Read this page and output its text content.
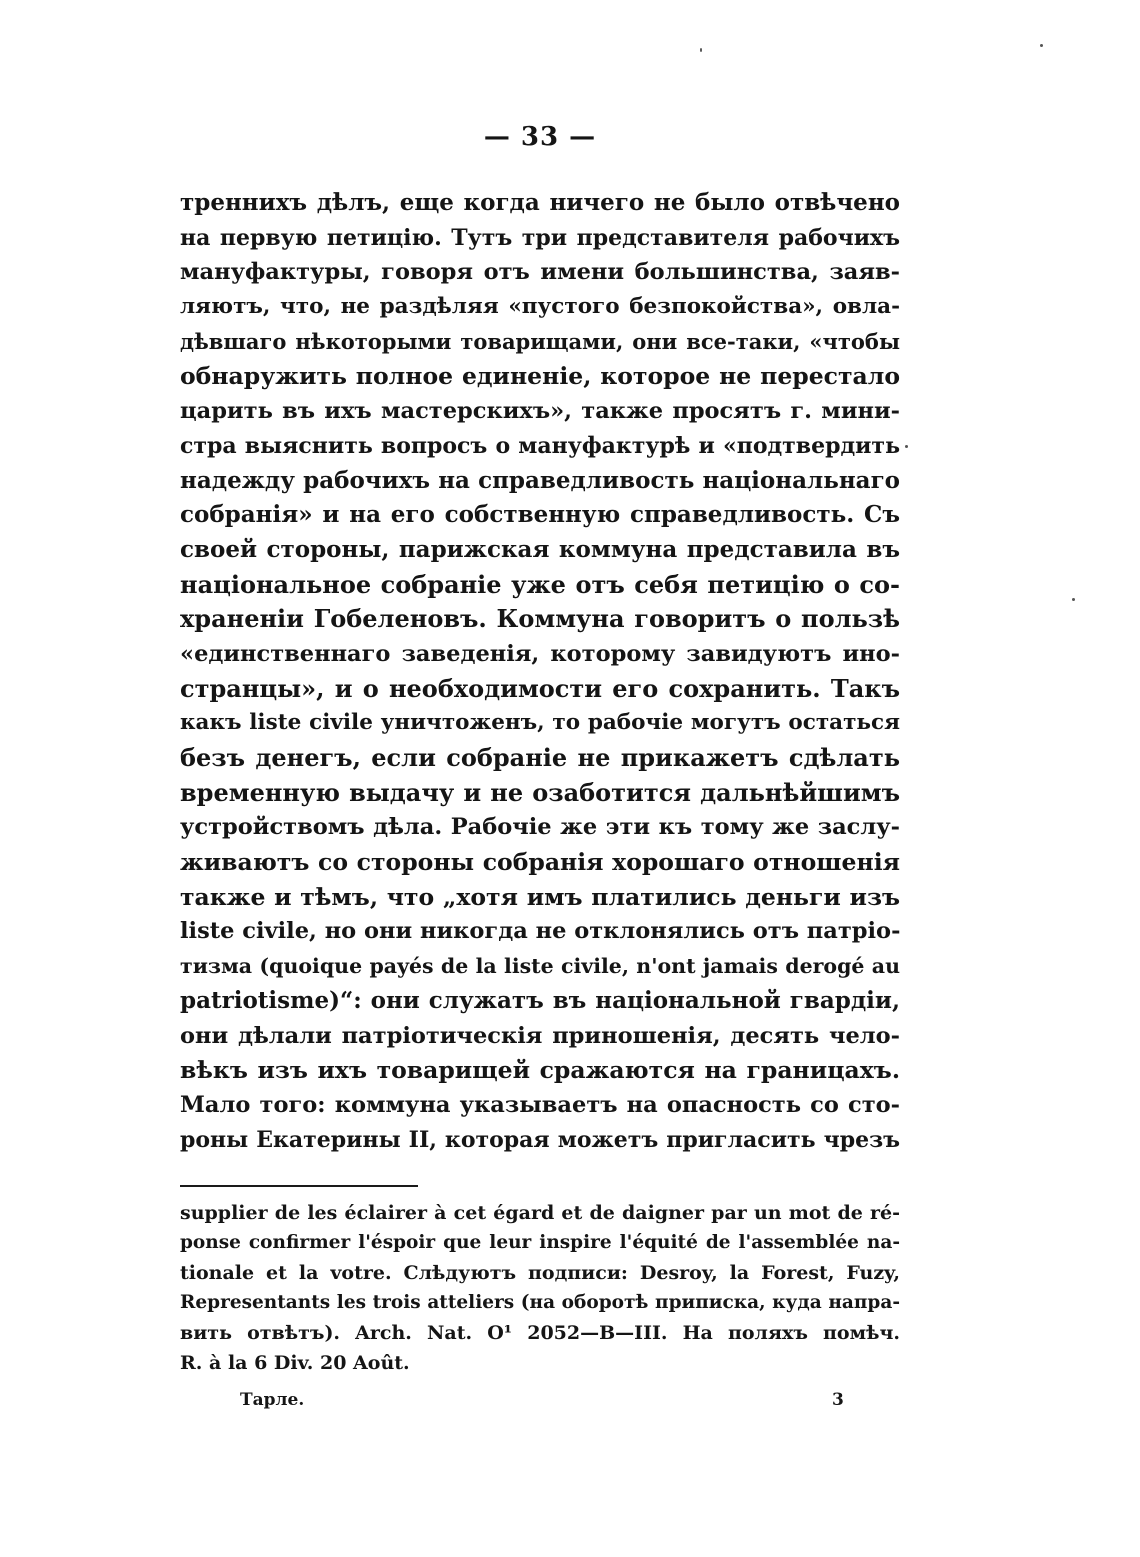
— 33 —
треннихъ дѣлъ, еще когда ничего не было отвѣчено
на первую петицію. Тутъ три представителя рабочихъ
мануфактуры, говоря отъ имени большинства, заяв-
ляютъ, что, не раздѣляя «пустого безпокойства», овла-
дѣвшаго нѣкоторыми товарищами, они все-таки, «чтобы
обнаружить полное единеніе, которое не перестало
царить въ ихъ мастерскихъ», также просятъ г. мини-
стра выяснить вопросъ о мануфактурѣ и «подтвердить
надежду рабочихъ на справедливость національнаго
собранія» и на его собственную справедливость. Съ
своей стороны, парижская коммуна представила въ
національное собраніе уже отъ себя петицію о со-
храненіи Гобеленовъ. Коммуна говоритъ о пользѣ
«единственнаго заведенія, которому завидуютъ ино-
странцы», и о необходимости его сохранить. Такъ
какъ liste civile уничтоженъ, то рабочіе могутъ остаться
безъ денегъ, если собраніе не прикажетъ сдѣлать
временную выдачу и не озаботится дальнѣйшимъ
устройствомъ дѣла. Рабочіе же эти къ тому же заслу-
живаютъ со стороны собранія хорошаго отношенія
также и тѣмъ, что „хотя имъ платились деньги изъ
liste civile, но они никогда не отклонялись отъ патріо-
тизма (quoique payés de la liste civile, n'ont jamais derogé au
patriotisme)“: они служатъ въ національной гвардіи,
они дѣлали патріотическія приношенія, десять чело-
вѣкъ изъ ихъ товарищей сражаются на границахъ.
Мало того: коммуна указываетъ на опасность со сто-
роны Екатерины II, которая можетъ пригласить чрезъ
supplier de les éclairer à cet égard et de daigner par un mot de ré-
ponse confirmer l'éspoir que leur inspire l'équité de l'assemblée na-
tionale et la votre. Слѣдуютъ подписи: Desroy, la Forest, Fuzy,
Representants les trois atteliers (на оборотѣ приписка, куда напра-
вить отвѣтъ). Arch. Nat. O¹ 2052—B—III. На поляхъ помѣч.
R. à la 6 Div. 20 Août.
Тарле.	3
